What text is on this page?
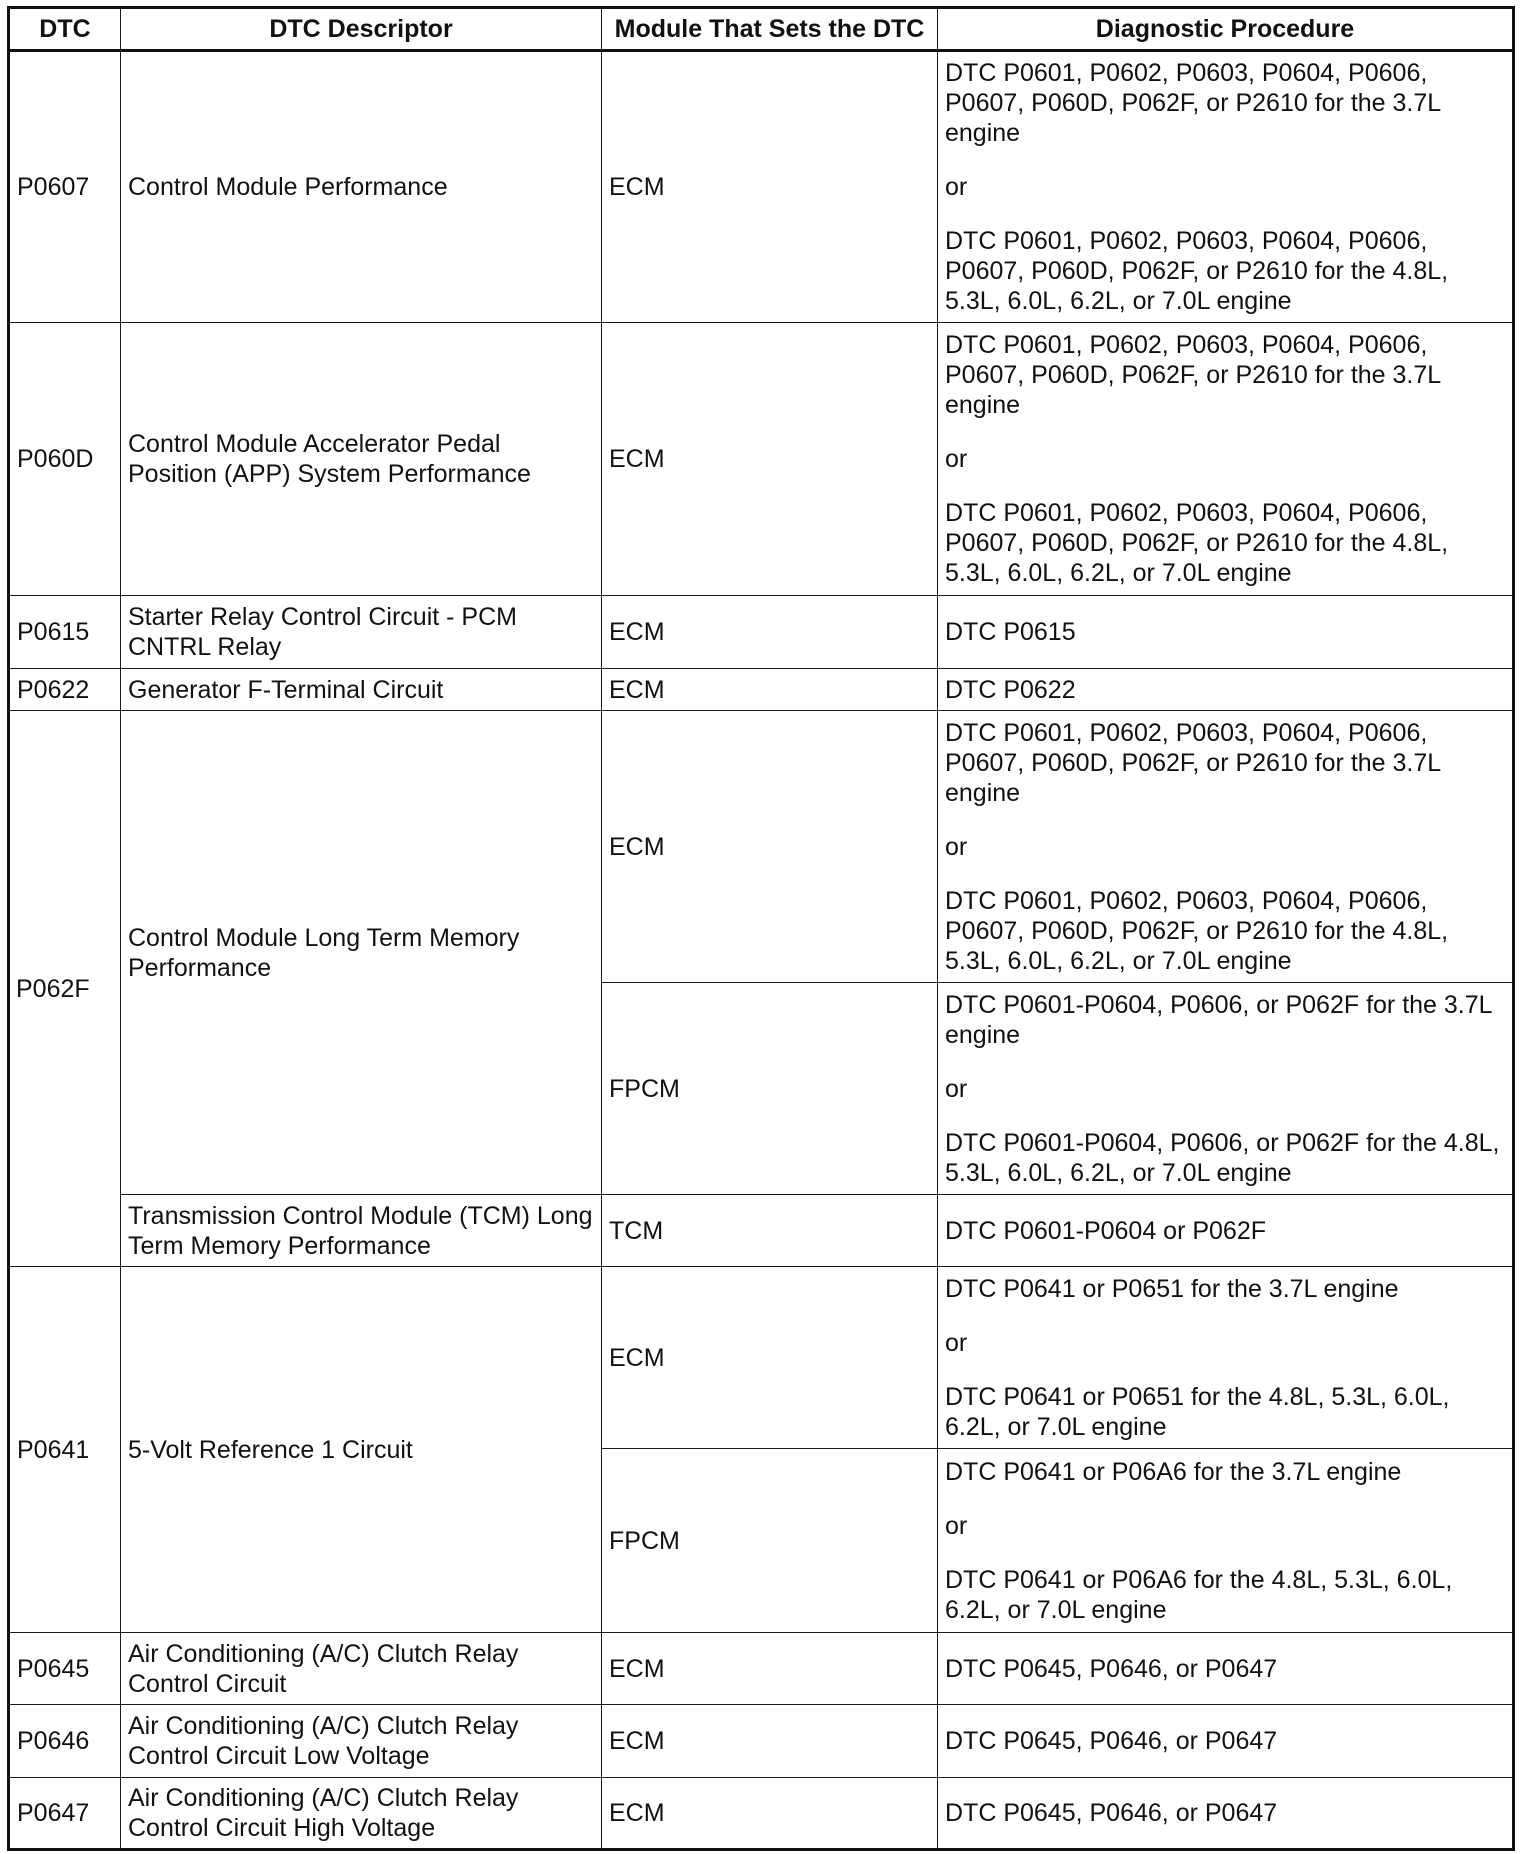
DTC	DTC Descriptor	Module That Sets the DTC	Diagnostic Procedure
P0607	Control Module Performance	ECM	DTC P0601, P0602, P0603, P0604, P0606, P0607, P060D, P062F, or P2610 for the 3.7L engine

or

DTC P0601, P0602, P0603, P0604, P0606, P0607, P060D, P062F, or P2610 for the 4.8L, 5.3L, 6.0L, 6.2L, or 7.0L engine

P060D	Control Module Accelerator Pedal Position (APP) System Performance	ECM	DTC P0601, P0602, P0603, P0604, P0606, P0607, P060D, P062F, or P2610 for the 3.7L engine

or

DTC P0601, P0602, P0603, P0604, P0606, P0607, P060D, P062F, or P2610 for the 4.8L, 5.3L, 6.0L, 6.2L, or 7.0L engine

P0615	Starter Relay Control Circuit - PCM CNTRL Relay	ECM	DTC P0615
P0622	Generator F-Terminal Circuit	ECM	DTC P0622
P062F	Control Module Long Term Memory Performance	ECM	DTC P0601, P0602, P0603, P0604, P0606, P0607, P060D, P062F, or P2610 for the 3.7L engine

or

DTC P0601, P0602, P0603, P0604, P0606, P0607, P060D, P062F, or P2610 for the 4.8L, 5.3L, 6.0L, 6.2L, or 7.0L engine

		FPCM	DTC P0601-P0604, P0606, or P062F for the 3.7L engine

or

DTC P0601-P0604, P0606, or P062F for the 4.8L, 5.3L, 6.0L, 6.2L, or 7.0L engine

	Transmission Control Module (TCM) Long Term Memory Performance	TCM	DTC P0601-P0604 or P062F
P0641	5-Volt Reference 1 Circuit	ECM	DTC P0641 or P0651 for the 3.7L engine

or

DTC P0641 or P0651 for the 4.8L, 5.3L, 6.0L, 6.2L, or 7.0L engine

		FPCM	DTC P0641 or P06A6 for the 3.7L engine

or

DTC P0641 or P06A6 for the 4.8L, 5.3L, 6.0L, 6.2L, or 7.0L engine

P0645	Air Conditioning (A/C) Clutch Relay Control Circuit	ECM	DTC P0645, P0646, or P0647
P0646	Air Conditioning (A/C) Clutch Relay Control Circuit Low Voltage	ECM	DTC P0645, P0646, or P0647
P0647	Air Conditioning (A/C) Clutch Relay Control Circuit High Voltage	ECM	DTC P0645, P0646, or P0647
